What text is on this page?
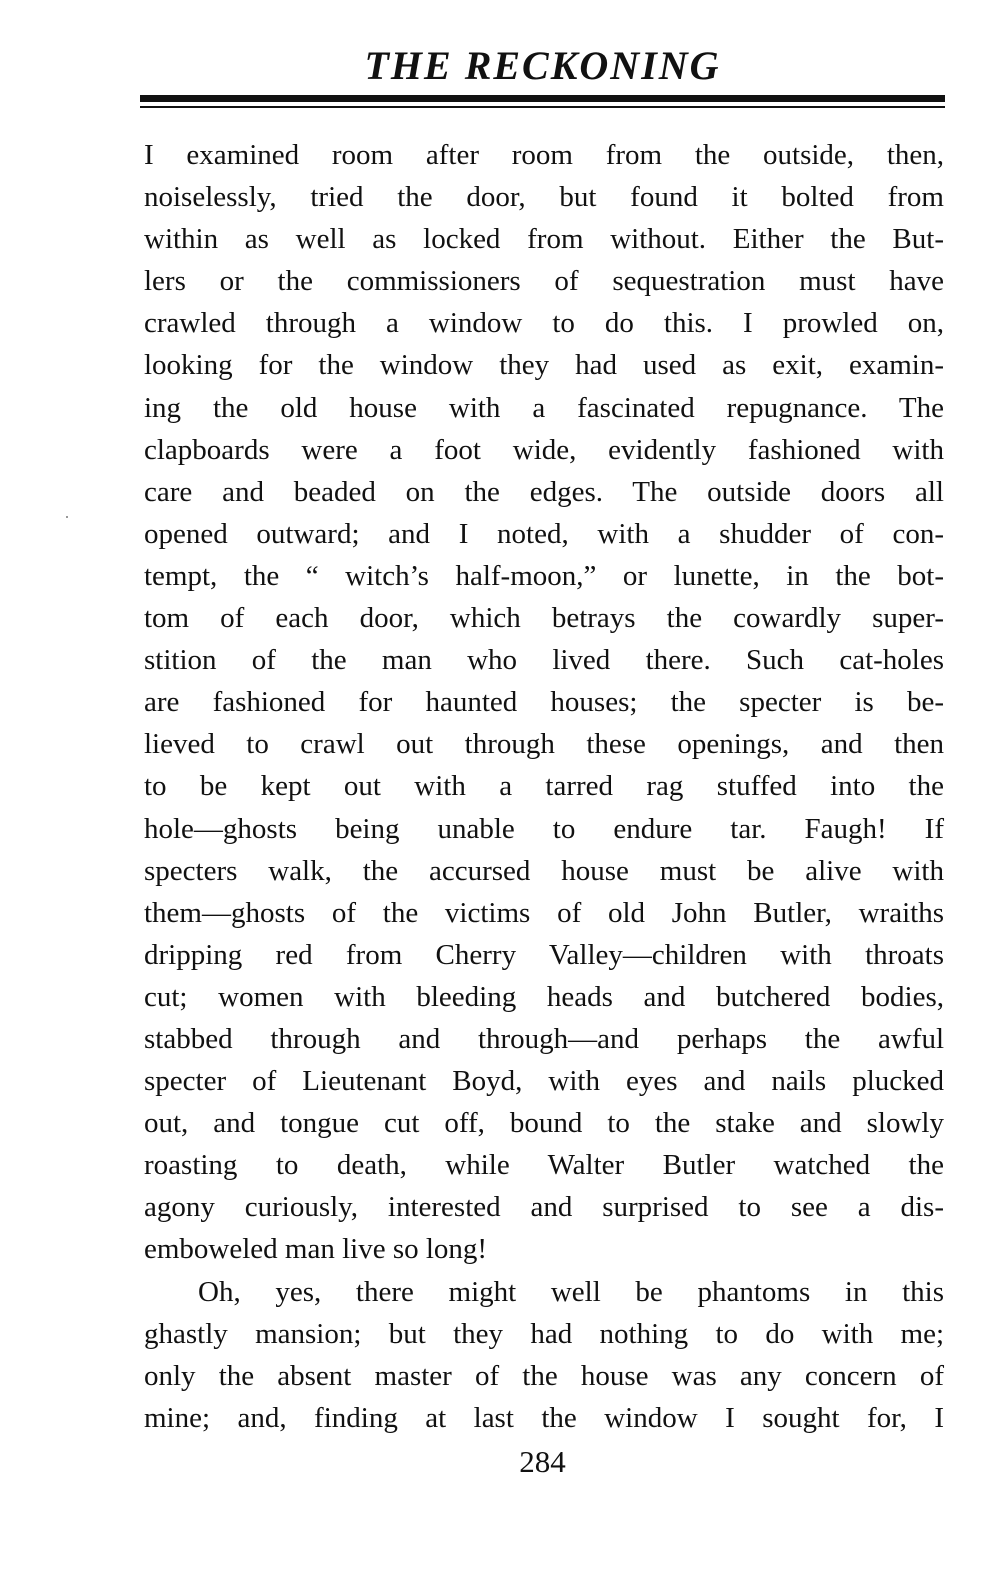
THE RECKONING
I examined room after room from the outside, then,
noiselessly, tried the door, but found it bolted from
within as well as locked from without. Either the But-
lers or the commissioners of sequestration must have
crawled through a window to do this. I prowled on,
looking for the window they had used as exit, examin-
ing the old house with a fascinated repugnance. The
clapboards were a foot wide, evidently fashioned with
care and beaded on the edges. The outside doors all
opened outward; and I noted, with a shudder of con-
tempt, the “ witch’s half-moon,” or lunette, in the bot-
tom of each door, which betrays the cowardly super-
stition of the man who lived there. Such cat-holes
are fashioned for haunted houses; the specter is be-
lieved to crawl out through these openings, and then
to be kept out with a tarred rag stuffed into the
hole—ghosts being unable to endure tar. Faugh! If
specters walk, the accursed house must be alive with
them—ghosts of the victims of old John Butler, wraiths
dripping red from Cherry Valley—children with throats
cut; women with bleeding heads and butchered bodies,
stabbed through and through—and perhaps the awful
specter of Lieutenant Boyd, with eyes and nails plucked
out, and tongue cut off, bound to the stake and slowly
roasting to death, while Walter Butler watched the
agony curiously, interested and surprised to see a dis-
emboweled man live so long!
Oh, yes, there might well be phantoms in this
ghastly mansion; but they had nothing to do with me;
only the absent master of the house was any concern of
mine; and, finding at last the window I sought for, I
284
